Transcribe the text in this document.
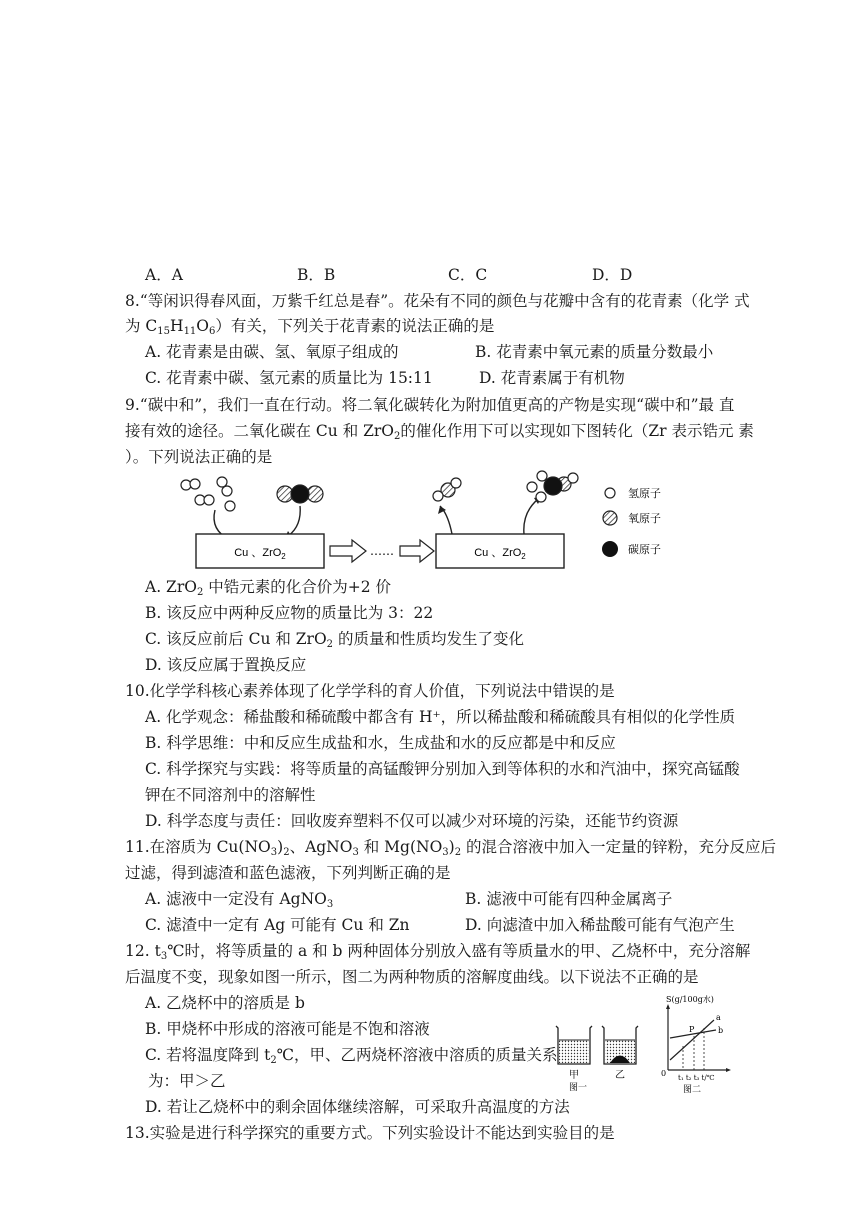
A．A	B．B	C．C	D．D
8.“等闲识得春风面，万紫千红总是春”。花朵有不同的颜色与花瓣中含有的花青素（化学 式
为 $C_{15}H_{11}O_6$）有关，下列关于花青素的说法正确的是
A. 花青素是由碳、氢、氧原子组成的	B. 花青素中氧元素的质量分数最小
C. 花青素中碳、氢元素的质量比为 15:11	D. 花青素属于有机物
9.“碳中和”，我们一直在行动。将二氧化碳转化为附加值更高的产物是实现“碳中和”最 直
接有效的途径。二氧化碳在 Cu 和 ZrO$_2$的催化作用下可以实现如下图转化（Zr 表示锆元 素
）。下列说法正确的是
Cu 、ZrO$_2$	……	Cu 、ZrO$_2$
氢原子
氧原子
碳原子
A. ZrO$_2$ 中锆元素的化合价为+2 价
B. 该反应中两种反应物的质量比为 3：22
C. 该反应前后 Cu 和 ZrO$_2$ 的质量和性质均发生了变化
D. 该反应属于置换反应
10.化学学科核心素养体现了化学学科的育人价值，下列说法中错误的是
A. 化学观念：稀盐酸和稀硫酸中都含有 H⁺，所以稀盐酸和稀硫酸具有相似的化学性质
B. 科学思维：中和反应生成盐和水，生成盐和水的反应都是中和反应
C. 科学探究与实践：将等质量的高锰酸钾分别加入到等体积的水和汽油中，探究高锰酸
钾在不同溶剂中的溶解性
D. 科学态度与责任：回收废弃塑料不仅可以减少对环境的污染，还能节约资源
11.在溶质为 $Cu(NO_3)_2$、AgNO$_3$ 和 $Mg(NO_3)_2$ 的混合溶液中加入一定量的锌粉，充分反应后
过滤，得到滤渣和蓝色滤液，下列判断正确的是
A. 滤液中一定没有 AgNO$_3$	B. 滤液中可能有四种金属离子
C. 滤渣中一定有 Ag 可能有 Cu 和 Zn	D. 向滤渣中加入稀盐酸可能有气泡产生
12. $t_3℃$时，将等质量的 a 和 b 两种固体分别放入盛有等质量水的甲、乙烧杯中，充分溶解
后温度不变，现象如图一所示，图二为两种物质的溶解度曲线。以下说法不正确的是
A. 乙烧杯中的溶质是 b
B. 甲烧杯中形成的溶液可能是不饱和溶液
C. 若将温度降到 $t_2℃$，甲、乙两烧杯溶液中溶质的质量关系
为：甲＞乙
D. 若让乙烧杯中的剩余固体继续溶解，可采取升高温度的方法
甲	乙
图一
S(g/100g水)
a
b
P
0 t₁ t₂ t₃ t/℃
图二
13.实验是进行科学探究的重要方式。下列实验设计不能达到实验目的是
